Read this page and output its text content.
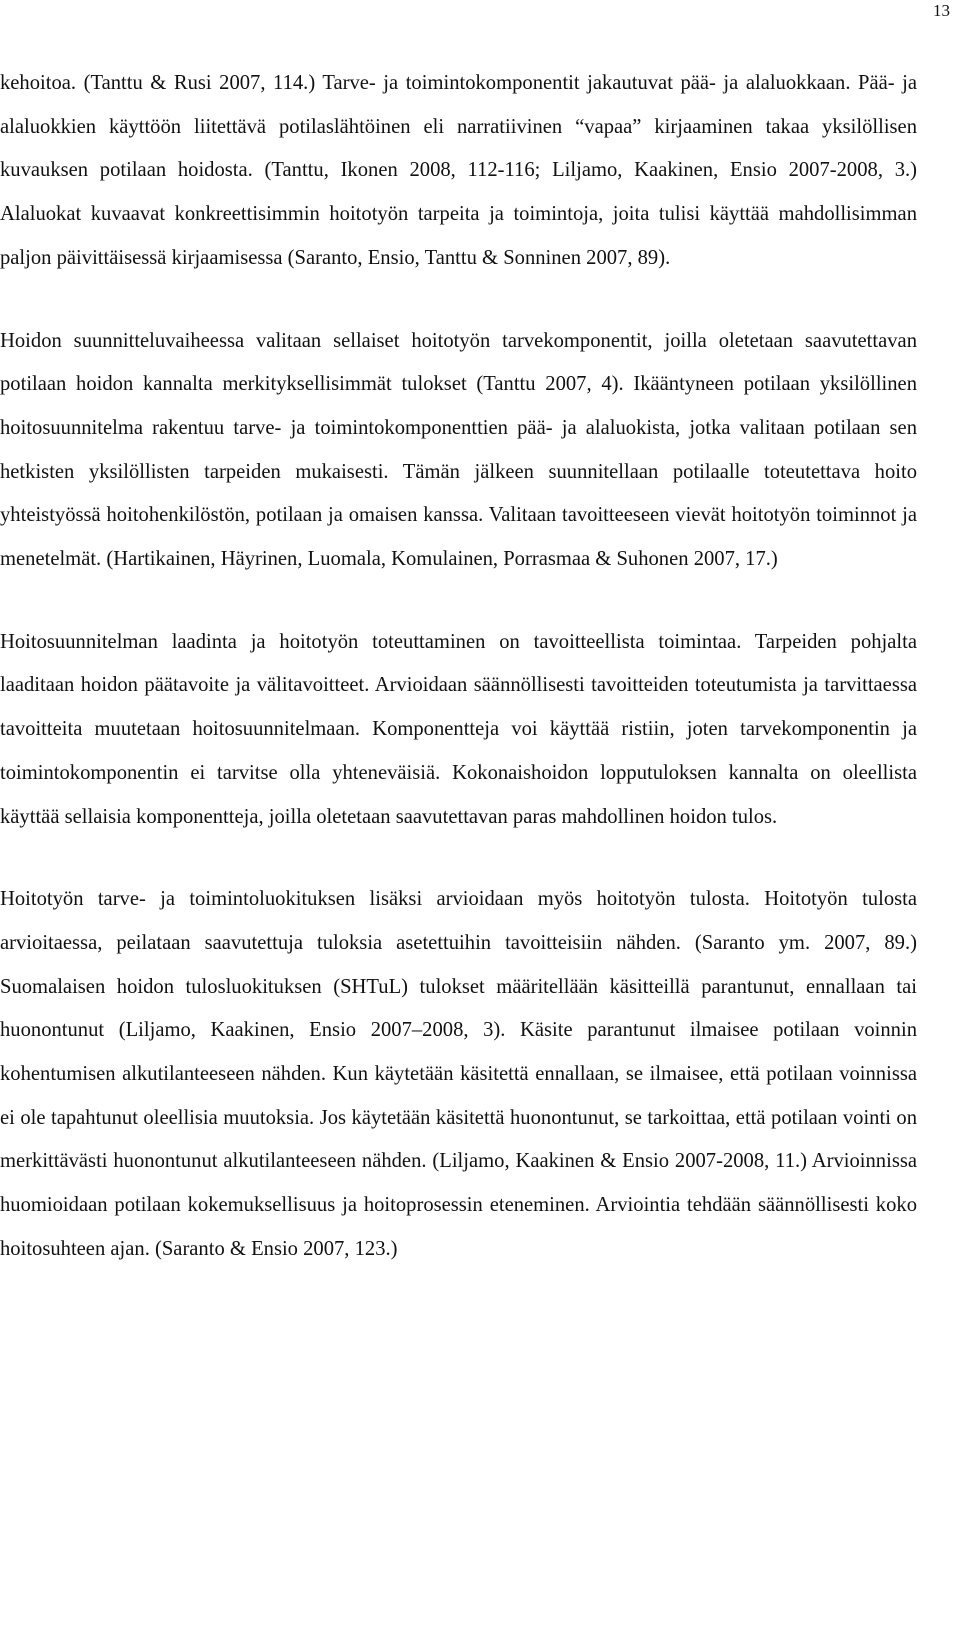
13

kehoitoa. (Tanttu & Rusi 2007, 114.) Tarve- ja toimintokomponentit jakautuvat pää- ja alaluokkaan. Pää- ja alaluokkien käyttöön liitettävä potilaslähtöinen eli narratiivinen “vapaa” kirjaaminen takaa yksilöllisen kuvauksen potilaan hoidosta. (Tanttu, Ikonen 2008, 112-116; Liljamo, Kaakinen, Ensio 2007-2008, 3.) Alaluokat kuvaavat konkreettisimmin hoitotyön tarpeita ja toimintoja, joita tulisi käyttää mahdollisimman paljon päivittäisessä kirjaamisessa (Saranto, Ensio, Tanttu & Sonninen 2007, 89).

Hoidon suunnitteluvaiheessa valitaan sellaiset hoitotyön tarvekomponentit, joilla oletetaan saavutettavan potilaan hoidon kannalta merkityksellisimmät tulokset (Tanttu 2007, 4). Ikääntyneen potilaan yksilöllinen hoitosuunnitelma rakentuu tarve- ja toimintokomponenttien pää- ja alaluokista, jotka valitaan potilaan sen hetkisten yksilöllisten tarpeiden mukaisesti. Tämän jälkeen suunnitellaan potilaalle toteutettava hoito yhteistyössä hoitohenkilöstön, potilaan ja omaisen kanssa. Valitaan tavoitteeseen vievät hoitotyön toiminnot ja menetelmät. (Hartikainen, Häyrinen, Luomala, Komulainen, Porrasmaa & Suhonen 2007, 17.)

Hoitosuunnitelman laadinta ja hoitotyön toteuttaminen on tavoitteellista toimintaa. Tarpeiden pohjalta laaditaan hoidon päätavoite ja välitavoitteet. Arvioidaan säännöllisesti tavoitteiden toteutumista ja tarvittaessa tavoitteita muutetaan hoitosuunnitelmaan. Komponentteja voi käyttää ristiin, joten tarvekomponentin ja toimintokomponentin ei tarvitse olla yhteneväisiä. Kokonaishoidon lopputuloksen kannalta on oleellista käyttää sellaisia komponentteja, joilla oletetaan saavutettavan paras mahdollinen hoidon tulos.

Hoitotyön tarve- ja toimintoluokituksen lisäksi arvioidaan myös hoitotyön tulosta. Hoitotyön tulosta arvioitaessa, peilataan saavutettuja tuloksia asetettuihin tavoitteisiin nähden. (Saranto ym. 2007, 89.) Suomalaisen hoidon tulosluokituksen (SHTuL) tulokset määritellään käsitteillä parantunut, ennallaan tai huonontunut (Liljamo, Kaakinen, Ensio 2007–2008, 3). Käsite parantunut ilmaisee potilaan voinnin kohentumisen alkutilanteeseen nähden. Kun käytetään käsitettä ennallaan, se ilmaisee, että potilaan voinnissa ei ole tapahtunut oleellisia muutoksia. Jos käytetään käsitettä huonontunut, se tarkoittaa, että potilaan vointi on merkittävästi huonontunut alkutilanteeseen nähden. (Liljamo, Kaakinen & Ensio 2007-2008, 11.) Arvioinnissa huomioidaan potilaan kokemuksellisuus ja hoitoprosessin eteneminen. Arviointia tehdään säännöllisesti koko hoitosuhteen ajan. (Saranto & Ensio 2007, 123.)
